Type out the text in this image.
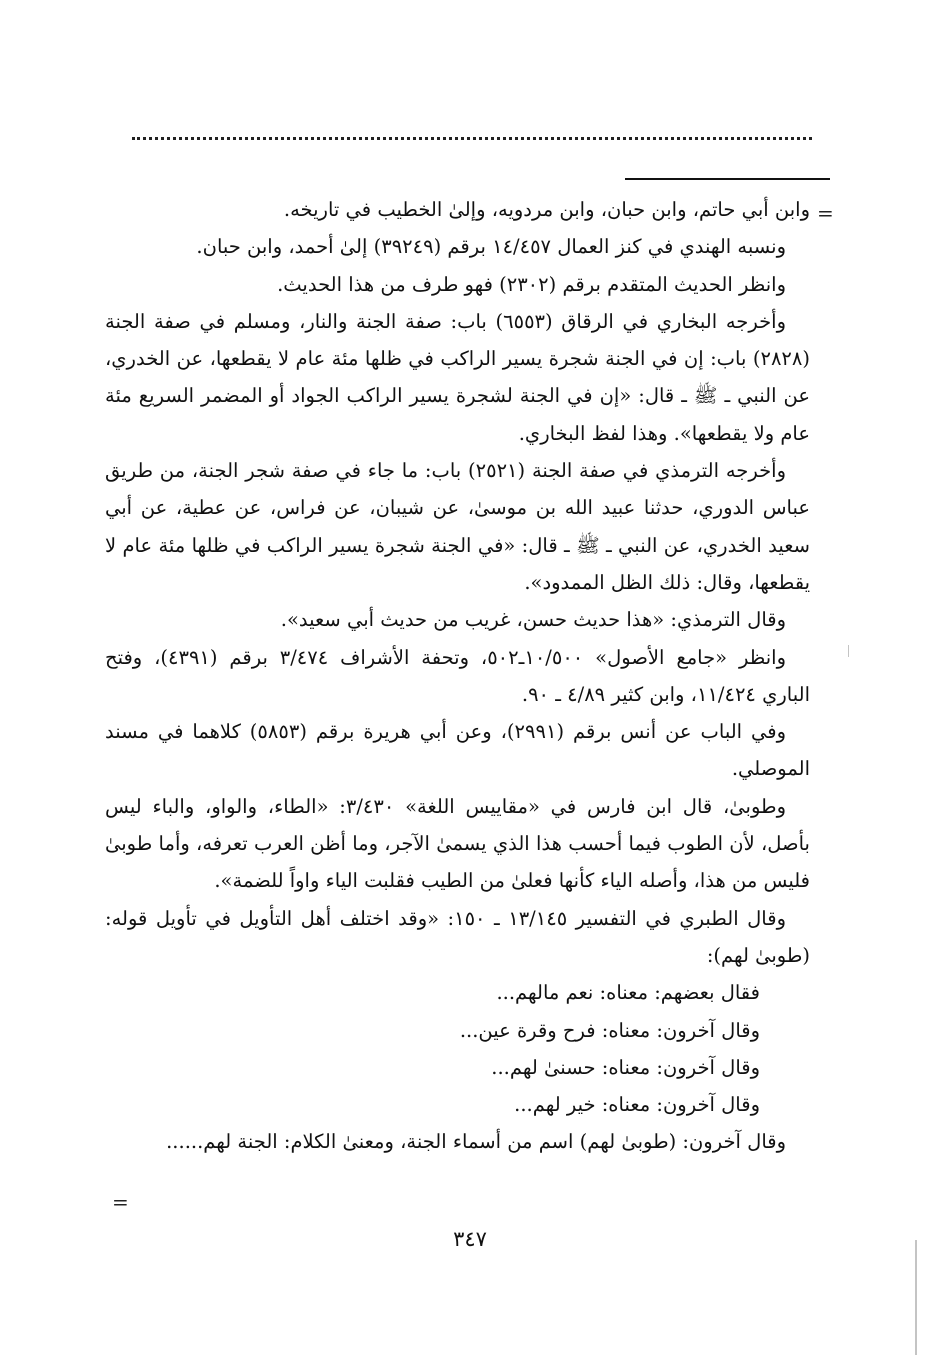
=

وابن أبي حاتم، وابن حبان، وابن مردويه، وإلىٰ الخطيب في تاريخه.

ونسبه الهندي في كنز العمال ١٤/٤٥٧ برقم (٣٩٢٤٩) إلىٰ أحمد، وابن حبان.

وانظر الحديث المتقدم برقم (٢٣٠٢) فهو طرف من هذا الحديث.

وأخرجه البخاري في الرقاق (٦٥٥٣) باب: صفة الجنة والنار، ومسلم في صفة الجنة (٢٨٢٨) باب: إن في الجنة شجرة يسير الراكب في ظلها مئة عام لا يقطعها، عن الخدري، عن النبي ـ ﷺ ـ قال: «إن في الجنة لشجرة يسير الراكب الجواد أو المضمر السريع مئة عام ولا يقطعها». وهذا لفظ البخاري.

وأخرجه الترمذي في صفة الجنة (٢٥٢١) باب: ما جاء في صفة شجر الجنة، من طريق عباس الدوري، حدثنا عبيد الله بن موسىٰ، عن شيبان، عن فراس، عن عطية، عن أبي سعيد الخدري، عن النبي ـ ﷺ ـ قال: «في الجنة شجرة يسير الراكب في ظلها مئة عام لا يقطعها، وقال: ذلك الظل الممدود».

وقال الترمذي: «هذا حديث حسن، غريب من حديث أبي سعيد».

وانظر «جامع الأصول» ١٠/٥٠٠ـ٥٠٢، وتحفة الأشراف ٣/٤٧٤ برقم (٤٣٩١)، وفتح الباري ١١/٤٢٤، وابن كثير ٤/٨٩ ـ ٩٠.

وفي الباب عن أنس برقم (٢٩٩١)، وعن أبي هريرة برقم (٥٨٥٣) كلاهما في مسند الموصلي.

وطوبىٰ، قال ابن فارس في «مقاييس اللغة» ٣/٤٣٠: «الطاء، والواو، والباء ليس بأصل، لأن الطوب فيما أحسب هذا الذي يسمىٰ الآجر، وما أظن العرب تعرفه، وأما طوبىٰ فليس من هذا، وأصله الياء كأنها فعلىٰ من الطيب فقلبت الياء واواً للضمة».

وقال الطبري في التفسير ١٣/١٤٥ ـ ١٥٠: «وقد اختلف أهل التأويل في تأويل قوله: (طوبىٰ لهم):

فقال بعضهم: معناه: نعم مالهم...

وقال آخرون: معناه: فرح وقرة عين...

وقال آخرون: معناه: حسنىٰ لهم...

وقال آخرون: معناه: خير لهم...

وقال آخرون: (طوبىٰ لهم) اسم من أسماء الجنة، ومعنىٰ الكلام: الجنة لهم......

=
٣٤٧
